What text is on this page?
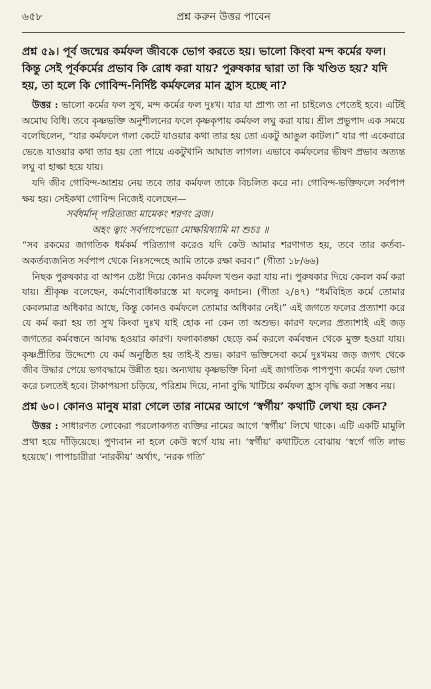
৬৫৮	প্রশ্ন করুন উত্তর পাবেন

প্রশ্ন ৫৯। পূর্ব জন্মের কর্মফল জীবকে ভোগ করতে হয়। ভালো কিংবা মন্দ কর্মের ফল। কিন্তু সেই পূর্বকর্মের প্রভাব কি রোধ করা যায়? পুরুষকার দ্বারা তা কি খণ্ডিত হয়? যদি হয়, তা হলে কি গোবিন্দ-নির্দিষ্ট কর্মফলের মান হ্রাস হচ্ছে না?

উত্তর : ভালো কর্মের ফল সুখ, মন্দ কর্মের ফল দুঃখ। যার যা প্রাপ্য তা না চাইলেও পেতেই হবে। এটিই অমোঘ বিধি। তবে কৃষ্ণভক্তি অনুশীলনের ফলে কৃষ্ণকৃপায় কর্মফল লঘু করা যায়। শ্রীল প্রভুপাদ এক সময়ে বলেছিলেন, “যার কর্মফলে গলা কেটে যাওয়ার কথা তার হয় তো একটু আঙুল কাটল।” যার পা একেবারে ভেঙে যাওয়ার কথা তার হয় তো পায়ে একটুখানি আঘাত লাগল। এভাবে কর্মফলের ভীষণ প্রভাব অত্যন্ত লঘু বা হাল্কা হয়ে যায়।

যদি জীব গোবিন্দ-আশ্রয় নেয় তবে তার কর্মফল তাকে বিচলিত করে না। গোবিন্দ-ভক্তিফলে সর্বপাপ ক্ষয় হয়। সেইকথা গোবিন্দ নিজেই বলেছেন—

সর্বধর্মান্ পরিত্যজ্য মামেকং শরণং ব্রজ।

অহং ত্বাং সর্বপাপেভ্যো মোক্ষয়িষ্যামি মা শুচঃ ॥

“সব রকমের জাগতিক ধর্মকর্ম পরিত্যাগ করেও যদি কেউ আমার শরণাগত হয়, তবে তার কর্তব্য-অকর্তব্যজনিত সর্বপাপ থেকে নিঃসন্দেহে আমি তাকে রক্ষা করব।” (গীতা ১৮/৬৬)

নিছক পুরুষকার বা আপন চেষ্টা দিয়ে কোনও কর্মফল খণ্ডন করা যায় না। পুরুষকার দিয়ে কেবল কর্ম করা যায়। শ্রীকৃষ্ণ বলেছেন, কর্মণ্যেবাধিকারস্তে মা ফলেষু কদাচন। (গীতা ২/৪৭) “ধর্মবিহিত কর্মে তোমার কেবলমাত্র অধিকার আছে, কিন্তু কোনও কর্মফলে তোমার অধিকার নেই।” এই জগতে ফলের প্রত্যাশা করে যে কর্ম করা হয় তা সুখ কিংবা দুঃখ যাই হোক না কেন তা অশুভ। কারণ ফলের প্রত্যাশাই এই জড় জগতের কর্মবন্ধনে আবদ্ধ হওয়ার কারণ। ফলাকাঙ্ক্ষা ছেড়ে কর্ম করলে কর্মবন্ধন থেকে মুক্ত হওয়া যায়। কৃষ্ণপ্রীতির উদ্দেশ্যে যে কর্ম অনুষ্ঠিত হয় তাই-ই শুভ। কারণ ভক্তিসেবা কর্মে দুঃখময় জড় জগৎ থেকে জীব উদ্ধার পেয়ে ভগবদ্ধামে উন্নীত হয়। অন্যথায় কৃষ্ণভক্তি বিনা এই জাগতিক পাপপুণ্য কর্মের ফল ভোগ করে চলতেই হবে। টাকাপয়সা চড়িয়ে, পরিশ্রম দিয়ে, নানা বুদ্ধি খাটিয়ে কর্মফল হ্রাস বৃদ্ধি করা সম্ভব নয়।

প্রশ্ন ৬০। কোনও মানুষ মারা গেলে তার নামের আগে ‘স্বর্গীয়’ কথাটি লেখা হয় কেন?

উত্তর : সাধারণত লোকেরা পরলোকগত ব্যক্তির নামের আগে ‘স্বর্গীয়’ লিখে থাকে। এটি একটি মামুলি প্রথা হয়ে দাঁড়িয়েছে। পুণ্যবান না হলে কেউ স্বর্গে যায় না। ‘স্বর্গীয়’ কথাটিতে বোঝায় ‘স্বর্গে গতি লাভ হয়েছে’। পাপাচারীরা ‘নারকীয়’ অর্থাৎ, ‘নরক গতি’
